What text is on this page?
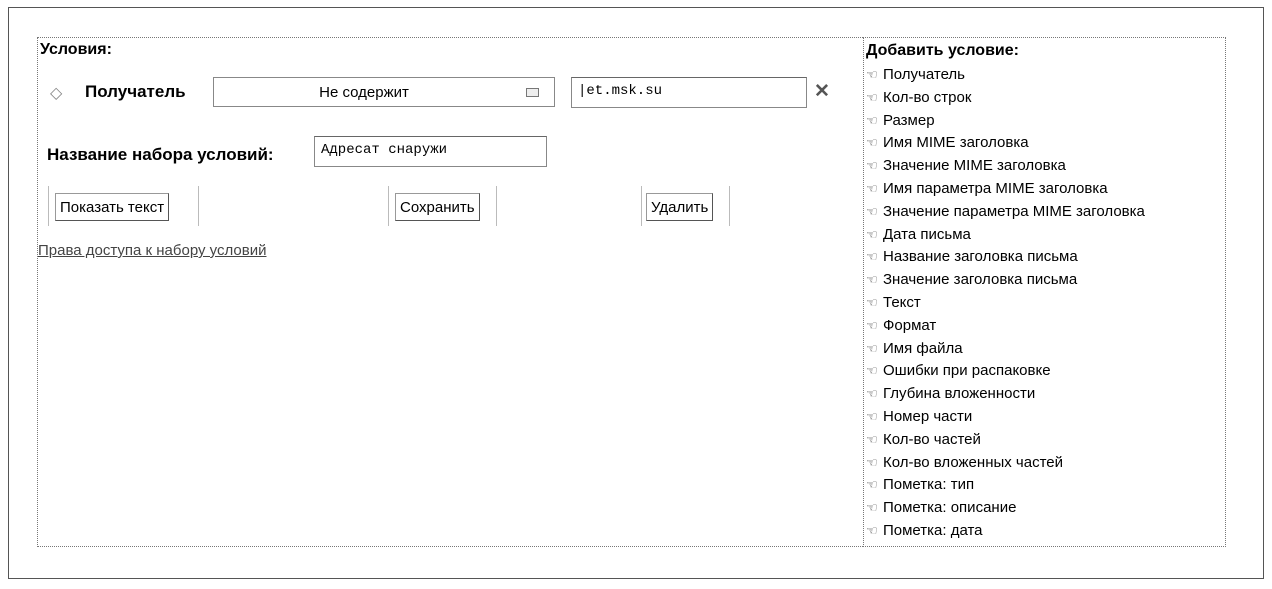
Условия:
◇ Получатель	Не содержит	|et.msk.su	✕
Название набора условий:	Адресат снаружи
Показать текст	Сохранить	Удалить
Права доступа к набору условий
Добавить условие:
☜ Получатель
☜ Кол-во строк
☜ Размер
☜ Имя MIME заголовка
☜ Значение MIME заголовка
☜ Имя параметра MIME заголовка
☜ Значение параметра MIME заголовка
☜ Дата письма
☜ Название заголовка письма
☜ Значение заголовка письма
☜ Текст
☜ Формат
☜ Имя файла
☜ Ошибки при распаковке
☜ Глубина вложенности
☜ Номер части
☜ Кол-во частей
☜ Кол-во вложенных частей
☜ Пометка: тип
☜ Пометка: описание
☜ Пометка: дата
